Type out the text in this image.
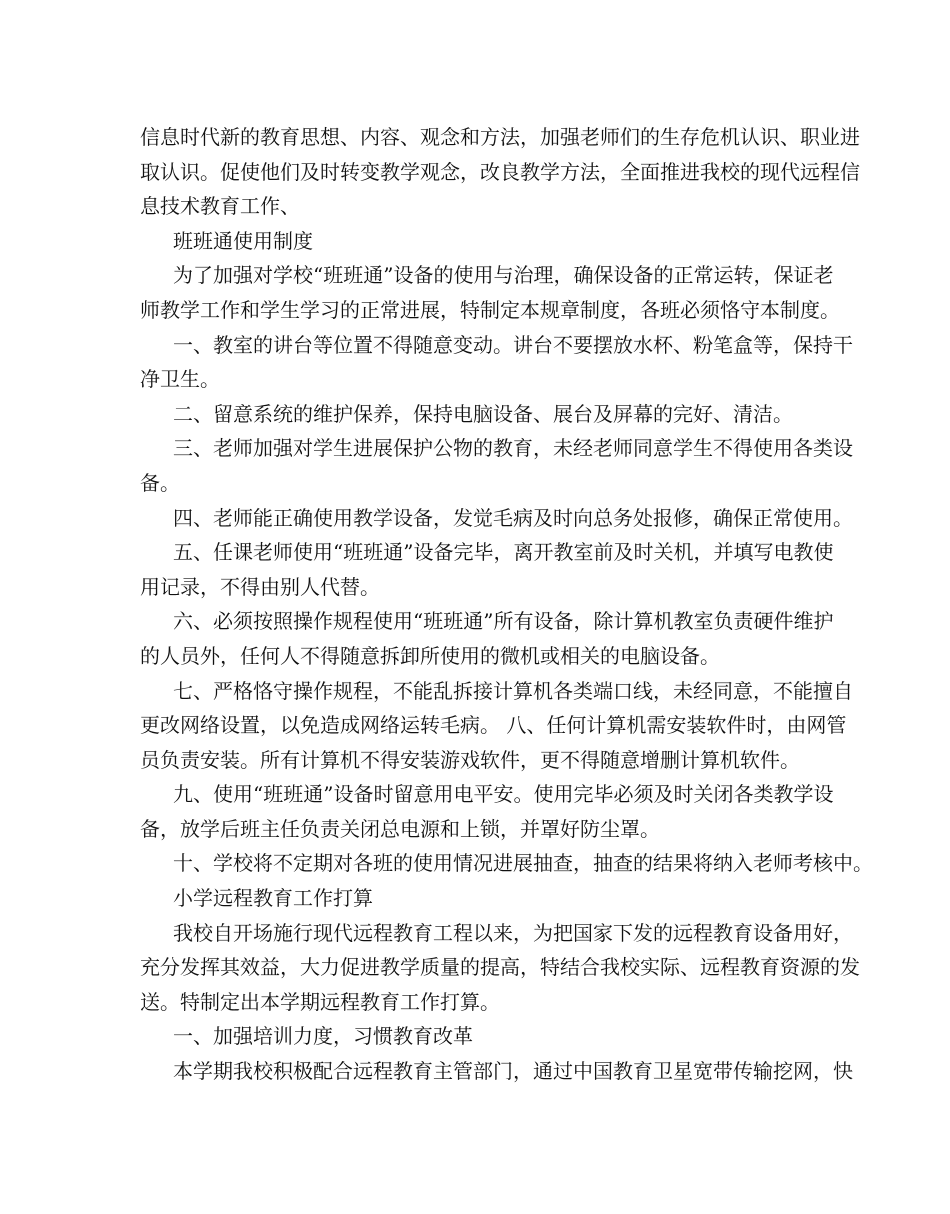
信息时代新的教育思想、内容、观念和方法，加强老师们的生存危机认识、职业进
取认识。促使他们及时转变教学观念，改良教学方法，全面推进我校的现代远程信
息技术教育工作、
班班通使用制度
为了加强对学校“班班通”设备的使用与治理，确保设备的正常运转，保证老
师教学工作和学生学习的正常进展，特制定本规章制度，各班必须恪守本制度。
一、教室的讲台等位置不得随意变动。讲台不要摆放水杯、粉笔盒等，保持干
净卫生。
二、留意系统的维护保养，保持电脑设备、展台及屏幕的完好、清洁。
三、老师加强对学生进展保护公物的教育，未经老师同意学生不得使用各类设
备。
四、老师能正确使用教学设备，发觉毛病及时向总务处报修，确保正常使用。
五、任课老师使用“班班通”设备完毕，离开教室前及时关机，并填写电教使
用记录，不得由别人代替。
六、必须按照操作规程使用“班班通”所有设备，除计算机教室负责硬件维护
的人员外，任何人不得随意拆卸所使用的微机或相关的电脑设备。
七、严格恪守操作规程，不能乱拆接计算机各类端口线，未经同意，不能擅自
更改网络设置，以免造成网络运转毛病。 八、任何计算机需安装软件时，由网管
员负责安装。所有计算机不得安装游戏软件，更不得随意增删计算机软件。
九、使用“班班通”设备时留意用电平安。使用完毕必须及时关闭各类教学设
备，放学后班主任负责关闭总电源和上锁，并罩好防尘罩。
十、学校将不定期对各班的使用情况进展抽查，抽查的结果将纳入老师考核中。
小学远程教育工作打算
我校自开场施行现代远程教育工程以来，为把国家下发的远程教育设备用好，
充分发挥其效益，大力促进教学质量的提高，特结合我校实际、远程教育资源的发
送。特制定出本学期远程教育工作打算。
一、加强培训力度，习惯教育改革
本学期我校积极配合远程教育主管部门，通过中国教育卫星宽带传输挖网，快
